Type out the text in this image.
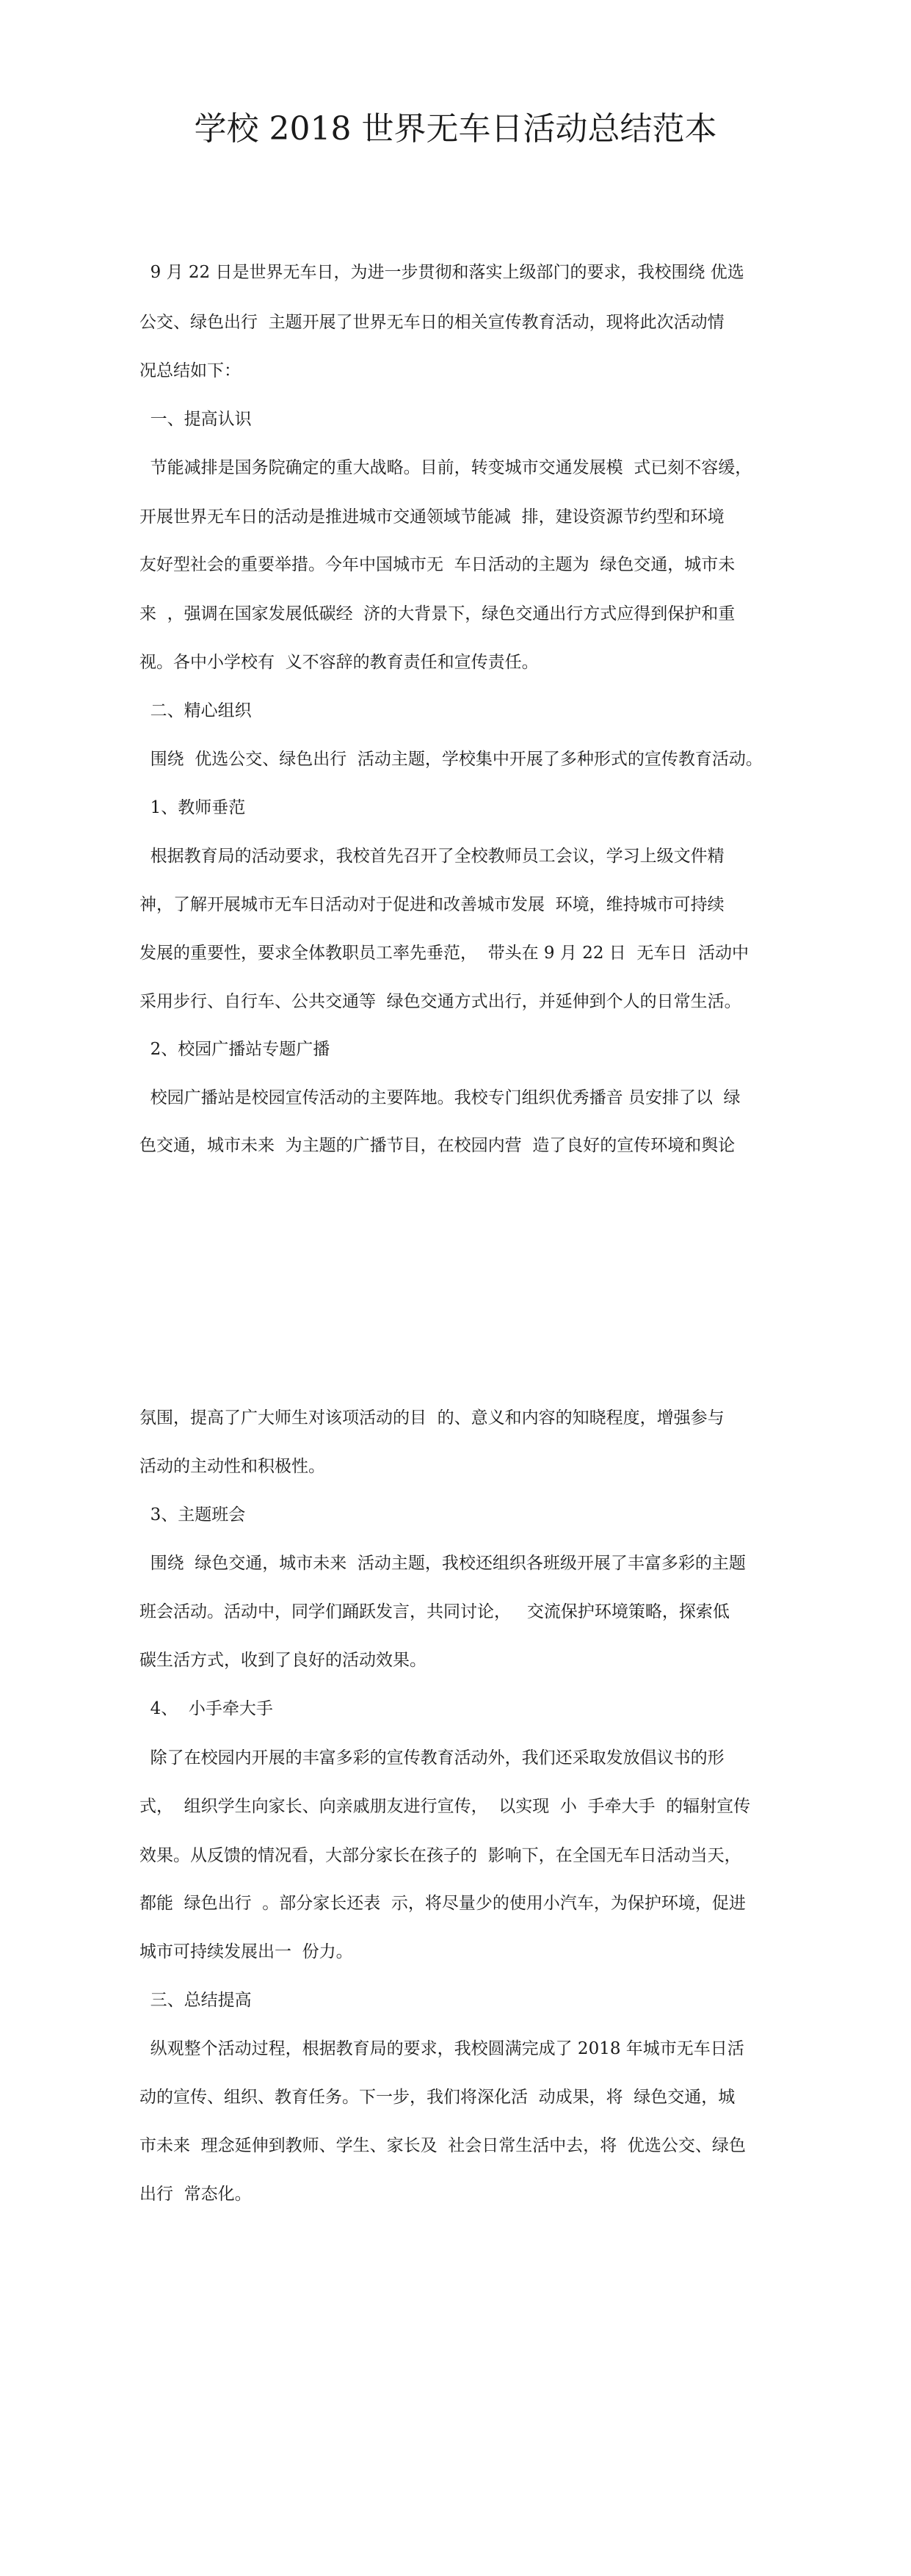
学校 2018 世界无车日活动总结范本
9 月 22 日是世界无车日，为进一步贯彻和落实上级部门的要求，我校围绕 优选
公交、绿色出行  主题开展了世界无车日的相关宣传教育活动，现将此次活动情
况总结如下：
一、提高认识
节能减排是国务院确定的重大战略。目前，转变城市交通发展模  式已刻不容缓，
开展世界无车日的活动是推进城市交通领域节能减  排，建设资源节约型和环境
友好型社会的重要举措。今年中国城市无  车日活动的主题为  绿色交通，城市未
来  ，强调在国家发展低碳经  济的大背景下，绿色交通出行方式应得到保护和重
视。各中小学校有  义不容辞的教育责任和宣传责任。
二、精心组织
围绕  优选公交、绿色出行  活动主题，学校集中开展了多种形式的宣传教育活动。
1、教师垂范
根据教育局的活动要求，我校首先召开了全校教师员工会议，学习上级文件精
神，了解开展城市无车日活动对于促进和改善城市发展  环境，维持城市可持续
发展的重要性，要求全体教职员工率先垂范，  带头在 9 月 22 日  无车日  活动中
采用步行、自行车、公共交通等  绿色交通方式出行，并延伸到个人的日常生活。
2、校园广播站专题广播
校园广播站是校园宣传活动的主要阵地。我校专门组织优秀播音 员安排了以  绿
色交通，城市未来  为主题的广播节目，在校园内营  造了良好的宣传环境和舆论
氛围，提高了广大师生对该项活动的目  的、意义和内容的知晓程度，增强参与
活动的主动性和积极性。
3、主题班会
围绕  绿色交通，城市未来  活动主题，我校还组织各班级开展了丰富多彩的主题
班会活动。活动中，同学们踊跃发言，共同讨论，   交流保护环境策略，探索低
碳生活方式，收到了良好的活动效果。
4、  小手牵大手
除了在校园内开展的丰富多彩的宣传教育活动外，我们还采取发放倡议书的形
式，  组织学生向家长、向亲戚朋友进行宣传，  以实现  小  手牵大手  的辐射宣传
效果。从反馈的情况看，大部分家长在孩子的  影响下，在全国无车日活动当天，
都能  绿色出行  。部分家长还表  示，将尽量少的使用小汽车，为保护环境，促进
城市可持续发展出一  份力。
三、总结提高
纵观整个活动过程，根据教育局的要求，我校圆满完成了 2018 年城市无车日活
动的宣传、组织、教育任务。下一步，我们将深化活  动成果，将  绿色交通，城
市未来  理念延伸到教师、学生、家长及  社会日常生活中去，将  优选公交、绿色
出行  常态化。
